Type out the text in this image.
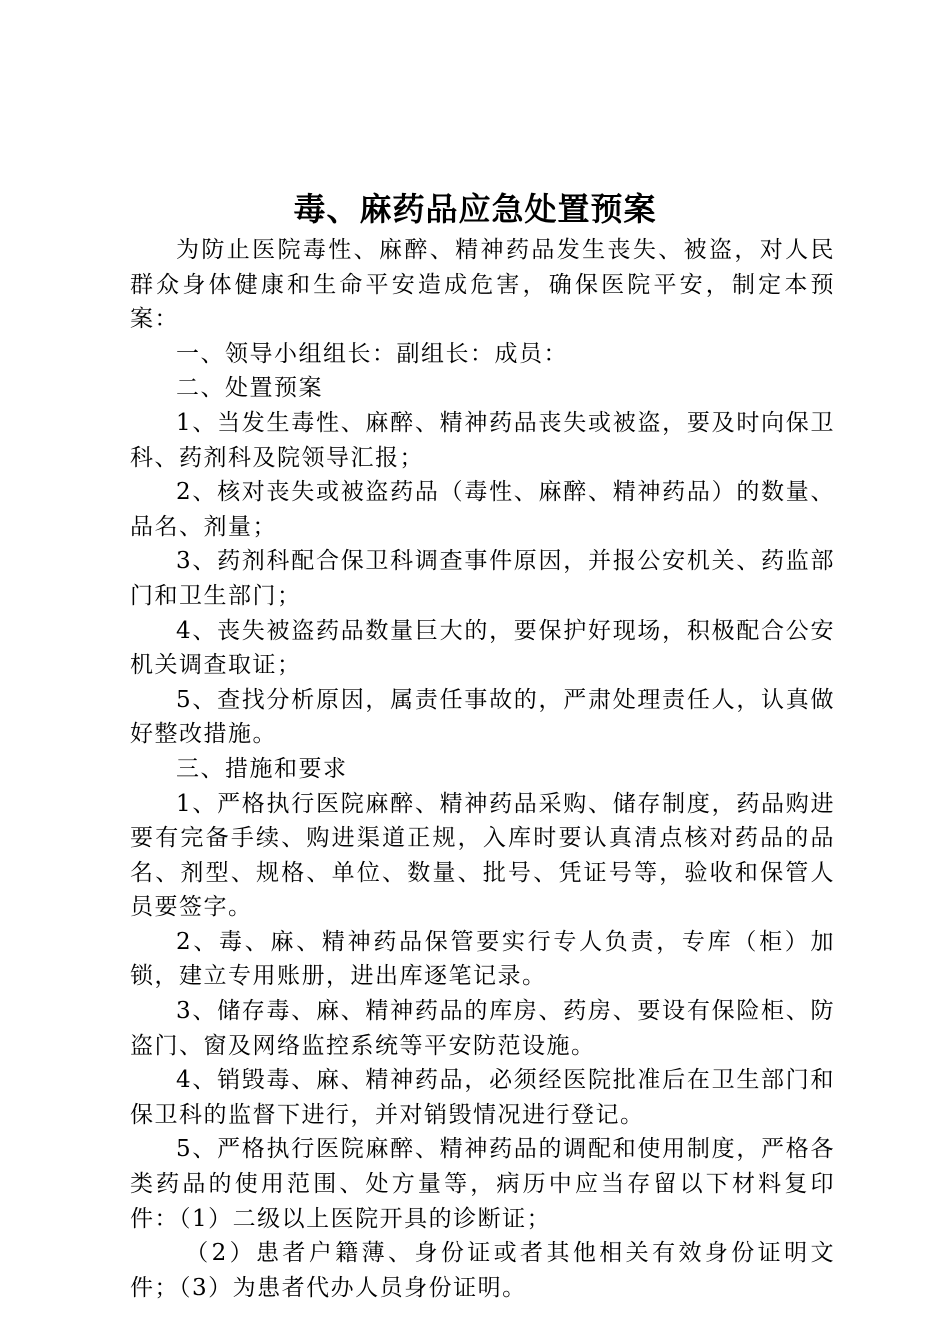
毒、麻药品应急处置预案

为防止医院毒性、麻醉、精神药品发生丧失、被盗，对人民群众身体健康和生命平安造成危害，确保医院平安，制定本预案：

一、领导小组组长：副组长：成员：

二、处置预案

1、当发生毒性、麻醉、精神药品丧失或被盗，要及时向保卫科、药剂科及院领导汇报；

2、核对丧失或被盗药品（毒性、麻醉、精神药品）的数量、品名、剂量；

3、药剂科配合保卫科调查事件原因，并报公安机关、药监部门和卫生部门；

4、丧失被盗药品数量巨大的，要保护好现场，积极配合公安机关调查取证；

5、查找分析原因，属责任事故的，严肃处理责任人，认真做好整改措施。

三、措施和要求

1、严格执行医院麻醉、精神药品采购、储存制度，药品购进要有完备手续、购进渠道正规，入库时要认真清点核对药品的品名、剂型、规格、单位、数量、批号、凭证号等，验收和保管人员要签字。

2、毒、麻、精神药品保管要实行专人负责，专库（柜）加锁，建立专用账册，进出库逐笔记录。

3、储存毒、麻、精神药品的库房、药房、要设有保险柜、防盗门、窗及网络监控系统等平安防范设施。

4、销毁毒、麻、精神药品，必须经医院批准后在卫生部门和保卫科的监督下进行，并对销毁情况进行登记。

5、严格执行医院麻醉、精神药品的调配和使用制度，严格各类药品的使用范围、处方量等，病历中应当存留以下材料复印件：（1）二级以上医院开具的诊断证；

（2）患者户籍薄、身份证或者其他相关有效身份证明文件；（3）为患者代办人员身份证明。
